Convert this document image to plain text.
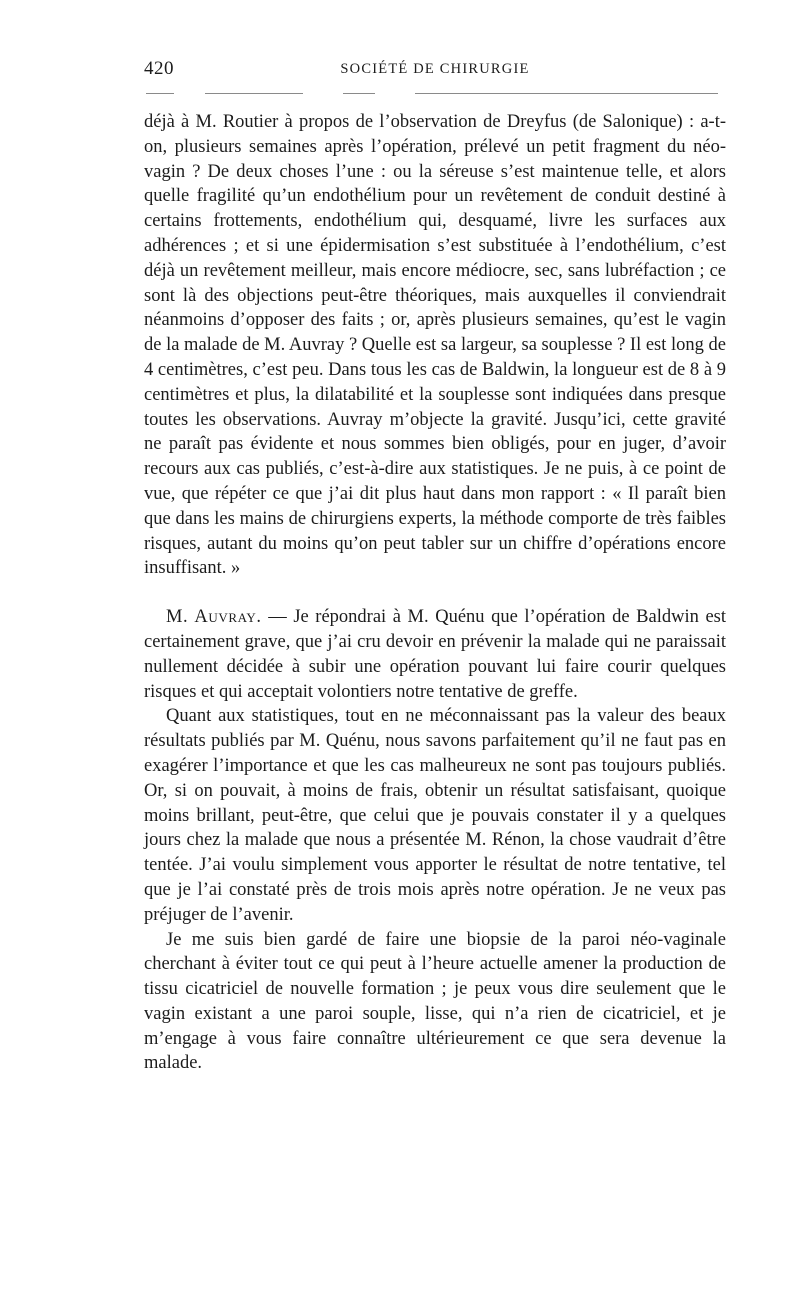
420	SOCIÉTÉ DE CHIRURGIE

déjà à M. Routier à propos de l’observation de Dreyfus (de Salonique) : a-t-on, plusieurs semaines après l’opération, prélevé un petit fragment du néo-vagin ? De deux choses l’une : ou la séreuse s’est maintenue telle, et alors quelle fragilité qu’un endothélium pour un revêtement de conduit destiné à certains frottements, endothélium qui, desquamé, livre les surfaces aux adhérences ; et si une épidermisation s’est substituée à l’endothélium, c’est déjà un revêtement meilleur, mais encore médiocre, sec, sans lubréfaction ; ce sont là des objections peut-être théoriques, mais auxquelles il conviendrait néanmoins d’opposer des faits ; or, après plusieurs semaines, qu’est le vagin de la malade de M. Auvray ? Quelle est sa largeur, sa souplesse ? Il est long de 4 centimètres, c’est peu. Dans tous les cas de Baldwin, la longueur est de 8 à 9 centimètres et plus, la dilatabilité et la souplesse sont indiquées dans presque toutes les observations. Auvray m’objecte la gravité. Jusqu’ici, cette gravité ne paraît pas évidente et nous sommes bien obligés, pour en juger, d’avoir recours aux cas publiés, c’est-à-dire aux statistiques. Je ne puis, à ce point de vue, que répéter ce que j’ai dit plus haut dans mon rapport : « Il paraît bien que dans les mains de chirurgiens experts, la méthode comporte de très faibles risques, autant du moins qu’on peut tabler sur un chiffre d’opérations encore insuffisant. »

M. Auvray. — Je répondrai à M. Quénu que l’opération de Baldwin est certainement grave, que j’ai cru devoir en prévenir la malade qui ne paraissait nullement décidée à subir une opération pouvant lui faire courir quelques risques et qui acceptait volontiers notre tentative de greffe.

Quant aux statistiques, tout en ne méconnaissant pas la valeur des beaux résultats publiés par M. Quénu, nous savons parfaitement qu’il ne faut pas en exagérer l’importance et que les cas malheureux ne sont pas toujours publiés. Or, si on pouvait, à moins de frais, obtenir un résultat satisfaisant, quoique moins brillant, peut-être, que celui que je pouvais constater il y a quelques jours chez la malade que nous a présentée M. Rénon, la chose vaudrait d’être tentée. J’ai voulu simplement vous apporter le résultat de notre tentative, tel que je l’ai constaté près de trois mois après notre opération. Je ne veux pas préjuger de l’avenir.

Je me suis bien gardé de faire une biopsie de la paroi néo-vaginale cherchant à éviter tout ce qui peut à l’heure actuelle amener la production de tissu cicatriciel de nouvelle formation ; je peux vous dire seulement que le vagin existant a une paroi souple, lisse, qui n’a rien de cicatriciel, et je m’engage à vous faire connaître ultérieurement ce que sera devenue la malade.
